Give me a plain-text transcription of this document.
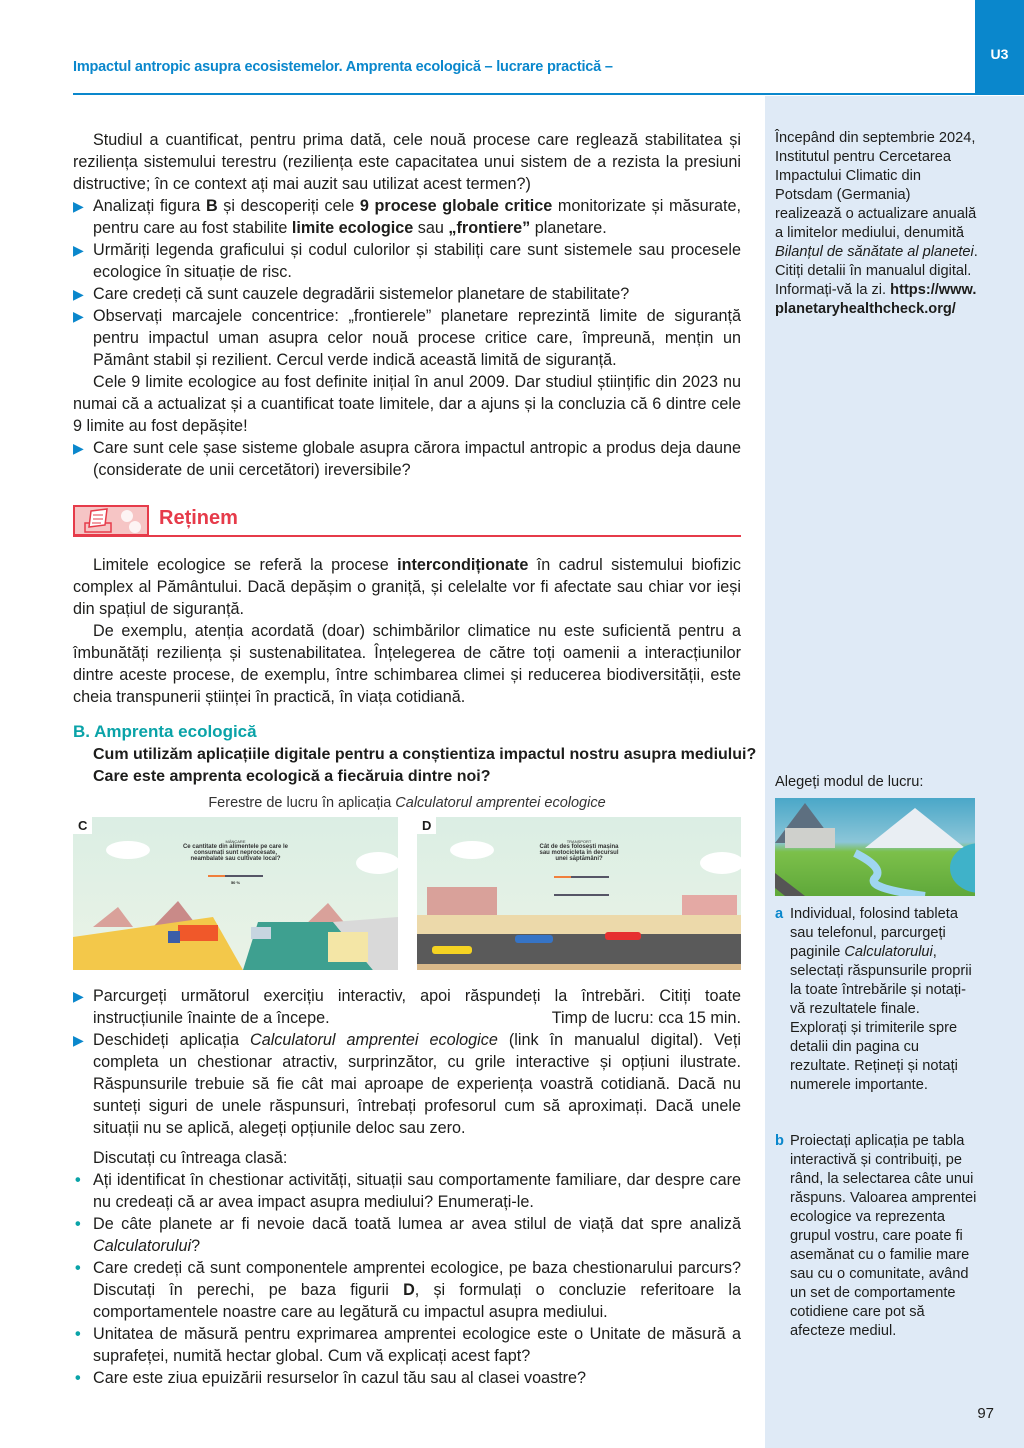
U3
Impactul antropic asupra ecosistemelor. Amprenta ecologică – lucrare practică –

Studiul a cuantificat, pentru prima dată, cele nouă procese care reglează stabilitatea și reziliența sistemului terestru (reziliența este capacitatea unui sistem de a rezista la presiuni distructive; în ce context ați mai auzit sau utilizat acest termen?)

▶ Analizați figura B și descoperiți cele 9 procese globale critice monitorizate și măsurate, pentru care au fost stabilite limite ecologice sau „frontiere” planetare.

▶ Urmăriți legenda graficului și codul culorilor și stabiliți care sunt sistemele sau procesele ecologice în situație de risc.

▶ Care credeți că sunt cauzele degradării sistemelor planetare de stabilitate?

▶ Observați marcajele concentrice: „frontierele” planetare reprezintă limite de siguranță pentru impactul uman asupra celor nouă procese critice care, împreună, mențin un Pământ stabil și rezilient. Cercul verde indică această limită de siguranță.

Cele 9 limite ecologice au fost definite inițial în anul 2009. Dar studiul științific din 2023 nu numai că a actualizat și a cuantificat toate limitele, dar a ajuns și la concluzia că 6 dintre cele 9 limite au fost depășite!

▶ Care sunt cele șase sisteme globale asupra cărora impactul antropic a produs deja daune (considerate de unii cercetători) ireversibile?

Reținem

Limitele ecologice se referă la procese intercondiționate în cadrul sistemului biofizic complex al Pământului. Dacă depășim o graniță, și celelalte vor fi afectate sau chiar vor ieși din spațiul de siguranță.

De exemplu, atenția acordată (doar) schimbărilor climatice nu este suficientă pentru a îmbunătăți reziliența și sustenabilitatea. Înțelegerea de către toți oamenii a interacțiunilor dintre aceste procese, de exemplu, între schimbarea climei și reducerea biodiversității, este cheia transpunerii științei în practică, în viața cotidiană.

B. Amprenta ecologică
Cum utilizăm aplicațiile digitale pentru a conștientiza impactul nostru asupra mediului?
Care este amprenta ecologică a fiecăruia dintre noi?
Ferestre de lucru în aplicația Calculatorul amprentei ecologice
C
MÂNCARE
Ce cantitate din alimentele pe care le consumați sunt neprocesate, neambalate sau cultivate local?
50 %
D
TRANSPORT
Cât de des folosești mașina sau motocicleta în decursul unei săptămâni?

▶ Parcurgeți următorul exercițiu interactiv, apoi răspundeți la întrebări. Citiți toate instrucțiunile înainte de a începe.	Timp de lucru: cca 15 min.

▶ Deschideți aplicația Calculatorul amprentei ecologice (link în manualul digital). Veți completa un chestionar atractiv, surprinzător, cu grile interactive și opțiuni ilustrate. Răspunsurile trebuie să fie cât mai aproape de experiența voastră cotidiană. Dacă nu sunteți siguri de unele răspunsuri, întrebați profesorul cum să aproximați. Dacă unele situații nu se aplică, alegeți opțiunile deloc sau zero.

Discutați cu întreaga clasă:

• Ați identificat în chestionar activități, situații sau comportamente familiare, dar despre care nu credeați că ar avea impact asupra mediului? Enumerați-le.

• De câte planete ar fi nevoie dacă toată lumea ar avea stilul de viață dat spre analiză Calculatorului?

• Care credeți că sunt componentele amprentei ecologice, pe baza chestionarului parcurs? Discutați în perechi, pe baza figurii D, și formulați o concluzie referitoare la comportamentele noastre care au legătură cu impactul asupra mediului.

• Unitatea de măsură pentru exprimarea amprentei ecologice este o Unitate de măsură a suprafeței, numită hectar global. Cum vă explicați acest fapt?

• Care este ziua epuizării resurselor în cazul tău sau al clasei voastre?

Începând din septembrie 2024, Institutul pentru Cercetarea Impactului Climatic din Potsdam (Germania) realizează o actualizare anuală a limitelor mediului, denumită Bilanțul de sănătate al planetei. Citiți detalii în manualul digital. Informați-vă la zi. https://www.planetaryhealthcheck.org/
Alegeți modul de lucru:
a Individual, folosind tableta sau telefonul, parcurgeți paginile Calculatorului, selectați răspunsurile proprii la toate întrebările și notați-vă rezultatele finale. Explorați și trimiterile spre detalii din pagina cu rezultate. Rețineți și notați numerele importante.
b Proiectați aplicația pe tabla interactivă și contribuiți, pe rând, la selectarea câte unui răspuns. Valoarea amprentei ecologice va reprezenta grupul vostru, care poate fi asemănat cu o familie mare sau cu o comunitate, având un set de comportamente cotidiene care pot să afecteze mediul.
97
